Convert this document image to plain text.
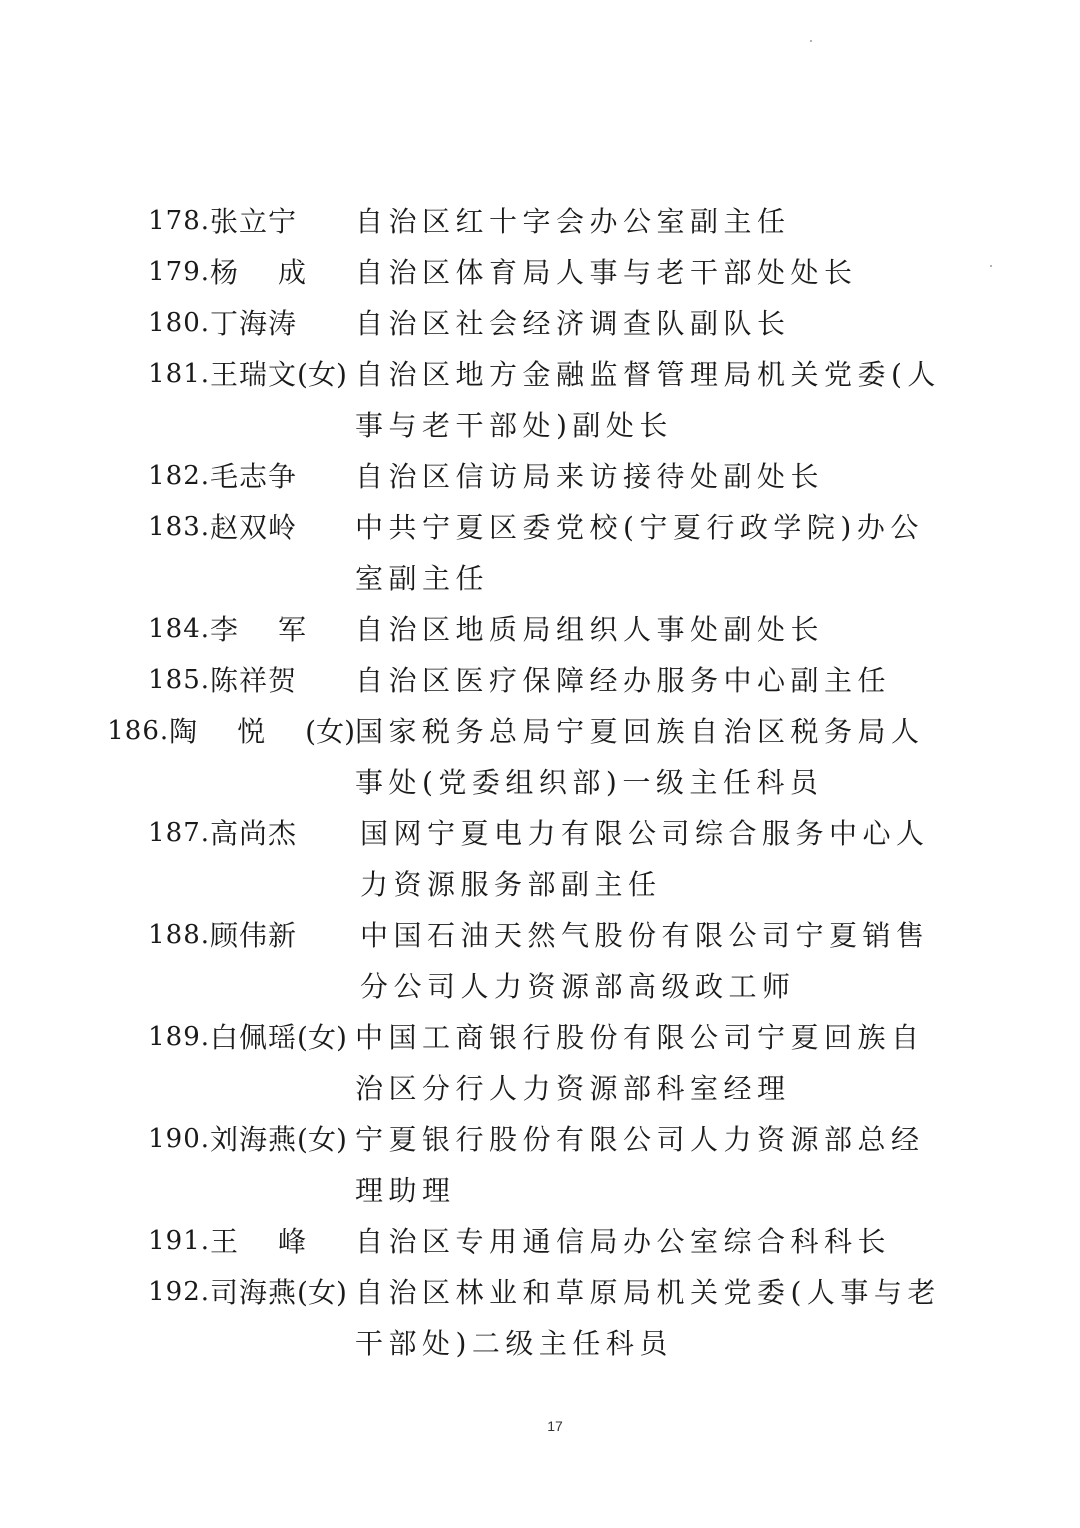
178. 张立宁 自治区红十字会办公室副主任
179. 杨成 自治区体育局人事与老干部处处长
180. 丁海涛 自治区社会经济调查队副队长
181. 王瑞文 (女) 自治区地方金融监督管理局机关党委(人事与老干部处)副处长
182. 毛志争 自治区信访局来访接待处副处长
183. 赵双岭 中共宁夏区委党校(宁夏行政学院)办公室副主任
184. 李军 自治区地质局组织人事处副处长
185. 陈祥贺 自治区医疗保障经办服务中心副主任
186. 陶悦 (女) 国家税务总局宁夏回族自治区税务局人事处(党委组织部)一级主任科员
187. 高尚杰 国网宁夏电力有限公司综合服务中心人力资源服务部副主任
188. 顾伟新 中国石油天然气股份有限公司宁夏销售分公司人力资源部高级政工师
189. 白佩瑶 (女) 中国工商银行股份有限公司宁夏回族自治区分行人力资源部科室经理
190. 刘海燕 (女) 宁夏银行股份有限公司人力资源部总经理助理
191. 王峰 自治区专用通信局办公室综合科科长
192. 司海燕 (女) 自治区林业和草原局机关党委(人事与老干部处)二级主任科员
17
